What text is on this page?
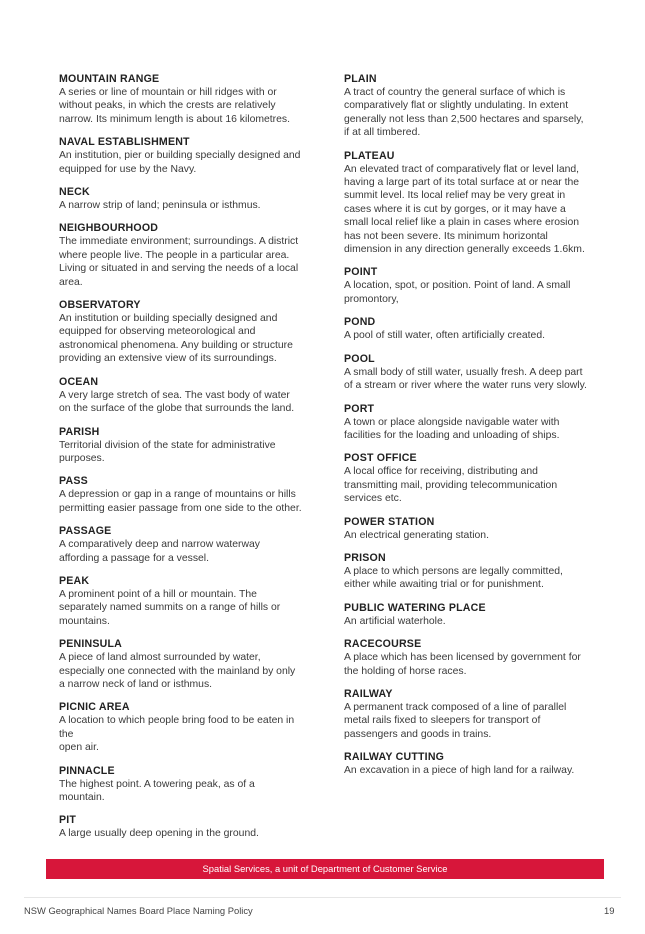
MOUNTAIN RANGE
A series or line of mountain or hill ridges with or without peaks, in which the crests are relatively narrow. Its minimum length is about 16 kilometres.
NAVAL ESTABLISHMENT
An institution, pier or building specially designed and equipped for use by the Navy.
NECK
A narrow strip of land; peninsula or isthmus.
NEIGHBOURHOOD
The immediate environment; surroundings. A district where people live. The people in a particular area. Living or situated in and serving the needs of a local area.
OBSERVATORY
An institution or building specially designed and equipped for observing meteorological and astronomical phenomena. Any building or structure providing an extensive view of its surroundings.
OCEAN
A very large stretch of sea. The vast body of water on the surface of the globe that surrounds the land.
PARISH
Territorial division of the state for administrative purposes.
PASS
A depression or gap in a range of mountains or hills permitting easier passage from one side to the other.
PASSAGE
A comparatively deep and narrow waterway affording a passage for a vessel.
PEAK
A prominent point of a hill or mountain. The separately named summits on a range of hills or mountains.
PENINSULA
A piece of land almost surrounded by water, especially one connected with the mainland by only a narrow neck of land or isthmus.
PICNIC AREA
A location to which people bring food to be eaten in the
open air.
PINNACLE
The highest point. A towering peak, as of a mountain.
PIT
A large usually deep opening in the ground.
PLAIN
A tract of country the general surface of which is comparatively flat or slightly undulating. In extent generally not less than 2,500 hectares and sparsely, if at all timbered.
PLATEAU
An elevated tract of comparatively flat or level land, having a large part of its total surface at or near the summit level. Its local relief may be very great in cases where it is cut by gorges, or it may have a small local relief like a plain in cases where erosion has not been severe. Its minimum horizontal dimension in any direction generally exceeds 1.6km.
POINT
A location, spot, or position. Point of land. A small promontory,
POND
A pool of still water, often artificially created.
POOL
A small body of still water, usually fresh. A deep part of a stream or river where the water runs very slowly.
PORT
A town or place alongside navigable water with facilities for the loading and unloading of ships.
POST OFFICE
A local office for receiving, distributing and transmitting mail, providing telecommunication services etc.
POWER STATION
An electrical generating station.
PRISON
A place to which persons are legally committed, either while awaiting trial or for punishment.
PUBLIC WATERING PLACE
An artificial waterhole.
RACECOURSE
A place which has been licensed by government for the holding of horse races.
RAILWAY
A permanent track composed of a line of parallel metal rails fixed to sleepers for transport of passengers and goods in trains.
RAILWAY CUTTING
An excavation in a piece of high land for a railway.
Spatial Services, a unit of Department of Customer Service
NSW Geographical Names Board Place Naming Policy	19
